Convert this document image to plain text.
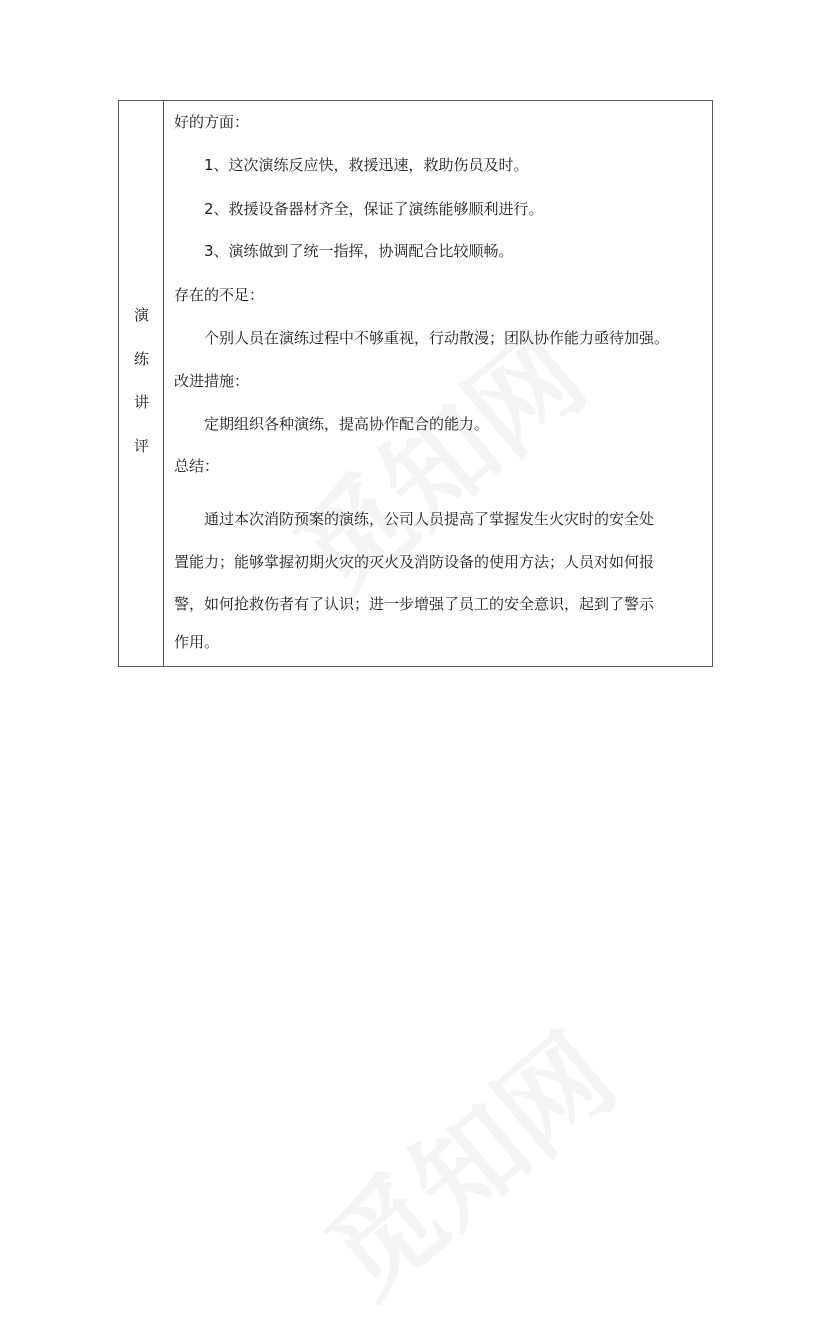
演
练
讲
评
好的方面：
1、这次演练反应快，救援迅速，救助伤员及时。
2、救援设备器材齐全，保证了演练能够顺利进行。
3、演练做到了统一指挥，协调配合比较顺畅。
存在的不足：
个别人员在演练过程中不够重视，行动散漫；团队协作能力亟待加强。
改进措施：
定期组织各种演练，提高协作配合的能力。
总结：
通过本次消防预案的演练，公司人员提高了掌握发生火灾时的安全处
置能力；能够掌握初期火灾的灭火及消防设备的使用方法；人员对如何报
警，如何抢救伤者有了认识；进一步增强了员工的安全意识，起到了警示
作用。
